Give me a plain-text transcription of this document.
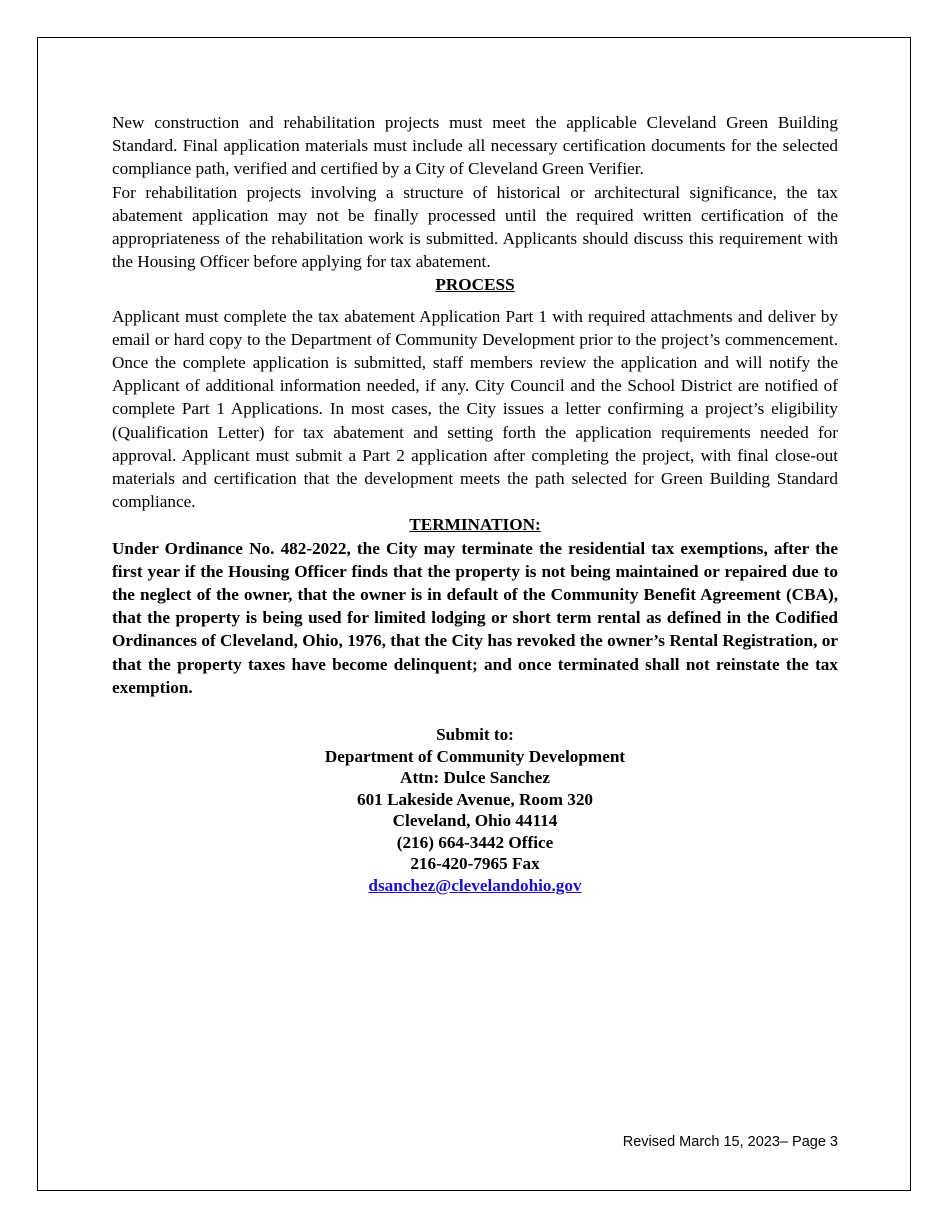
New construction and rehabilitation projects must meet the applicable Cleveland Green Building Standard. Final application materials must include all necessary certification documents for the selected compliance path, verified and certified by a City of Cleveland Green Verifier.

For rehabilitation projects involving a structure of historical or architectural significance, the tax abatement application may not be finally processed until the required written certification of the appropriateness of the rehabilitation work is submitted. Applicants should discuss this requirement with the Housing Officer before applying for tax abatement.

PROCESS

Applicant must complete the tax abatement Application Part 1 with required attachments and deliver by email or hard copy to the Department of Community Development prior to the project’s commencement. Once the complete application is submitted, staff members review the application and will notify the Applicant of additional information needed, if any. City Council and the School District are notified of complete Part 1 Applications. In most cases, the City issues a letter confirming a project’s eligibility (Qualification Letter) for tax abatement and setting forth the application requirements needed for approval. Applicant must submit a Part 2 application after completing the project, with final close-out materials and certification that the development meets the path selected for Green Building Standard compliance.

TERMINATION:

Under Ordinance No. 482-2022, the City may terminate the residential tax exemptions, after the first year if the Housing Officer finds that the property is not being maintained or repaired due to the neglect of the owner, that the owner is in default of the Community Benefit Agreement (CBA), that the property is being used for limited lodging or short term rental as defined in the Codified Ordinances of Cleveland, Ohio, 1976, that the City has revoked the owner’s Rental Registration, or that the property taxes have become delinquent; and once terminated shall not reinstate the tax exemption.

Submit to:
Department of Community Development
Attn: Dulce Sanchez
601 Lakeside Avenue, Room 320
Cleveland, Ohio 44114
(216) 664-3442 Office
216-420-7965 Fax
dsanchez@clevelandohio.gov
Revised March 15, 2023– Page 3
